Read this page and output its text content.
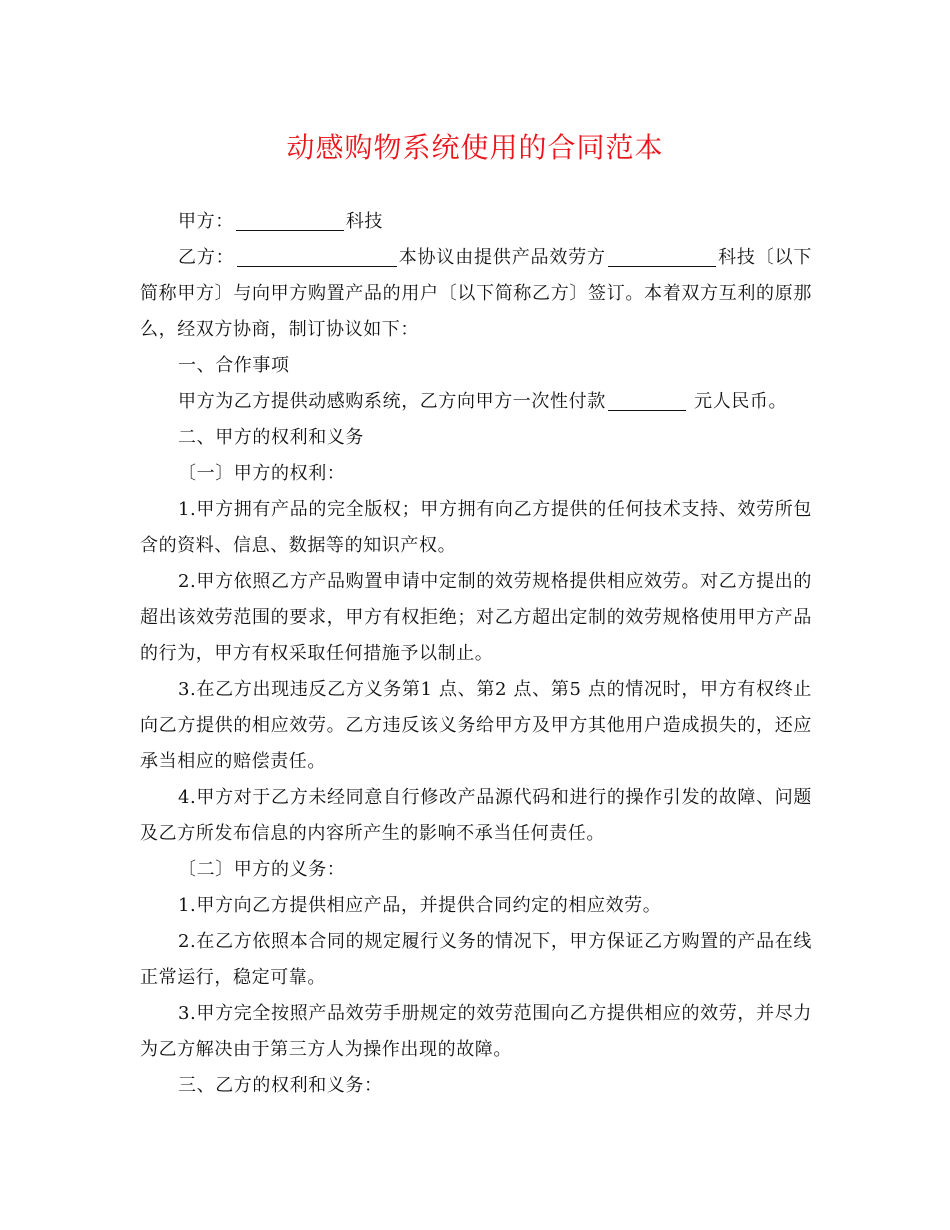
动感购物系统使用的合同范本

甲方：	科技

乙方：	本协议由提供产品效劳方	科技〔以下简称甲方〕与向甲方购置产品的用户〔以下简称乙方〕签订。本着双方互利的原那么，经双方协商，制订协议如下：

一、合作事项

甲方为乙方提供动感购系统，乙方向甲方一次性付款	元人民币。

二、甲方的权利和义务

〔一〕甲方的权利：

1.甲方拥有产品的完全版权；甲方拥有向乙方提供的任何技术支持、效劳所包含的资料、信息、数据等的知识产权。

2.甲方依照乙方产品购置申请中定制的效劳规格提供相应效劳。对乙方提出的超出该效劳范围的要求，甲方有权拒绝；对乙方超出定制的效劳规格使用甲方产品的行为，甲方有权采取任何措施予以制止。

3.在乙方出现违反乙方义务第1 点、第2 点、第5 点的情况时，甲方有权终止向乙方提供的相应效劳。乙方违反该义务给甲方及甲方其他用户造成损失的，还应承当相应的赔偿责任。

4.甲方对于乙方未经同意自行修改产品源代码和进行的操作引发的故障、问题及乙方所发布信息的内容所产生的影响不承当任何责任。

〔二〕甲方的义务：

1.甲方向乙方提供相应产品，并提供合同约定的相应效劳。

2.在乙方依照本合同的规定履行义务的情况下，甲方保证乙方购置的产品在线正常运行，稳定可靠。

3.甲方完全按照产品效劳手册规定的效劳范围向乙方提供相应的效劳，并尽力为乙方解决由于第三方人为操作出现的故障。

三、乙方的权利和义务：
